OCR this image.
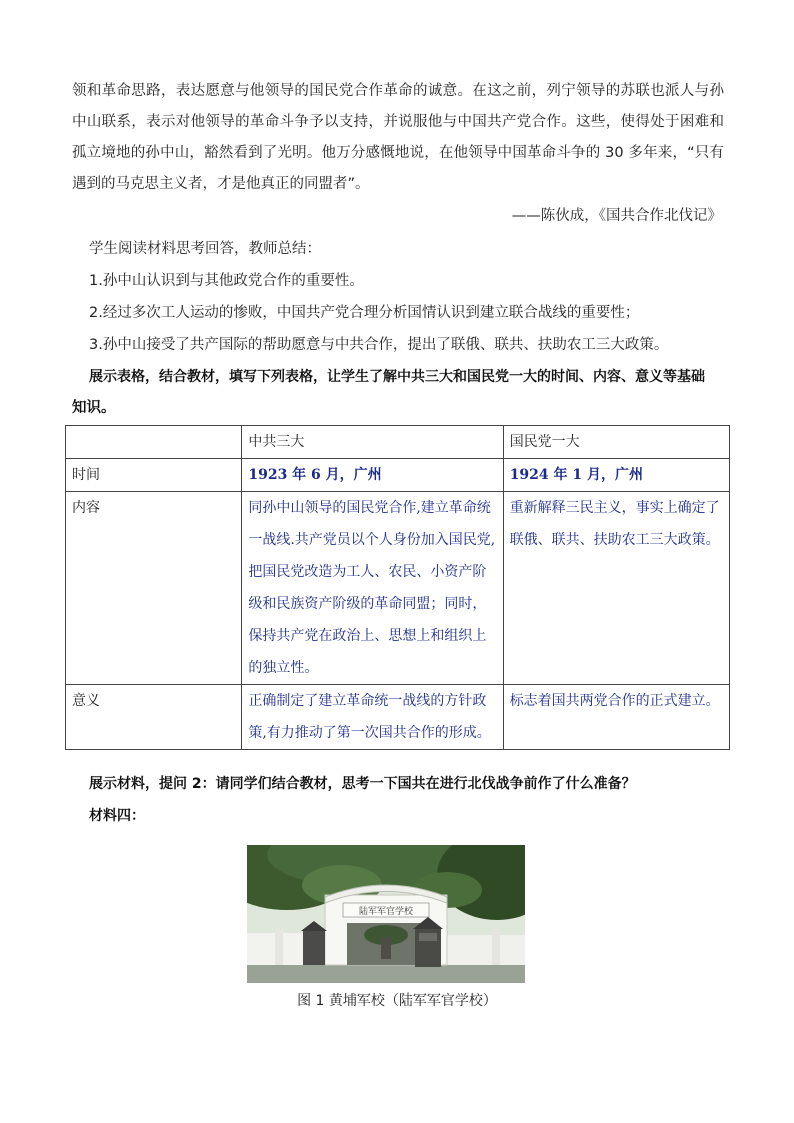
领和革命思路，表达愿意与他领导的国民党合作革命的诚意。在这之前，列宁领导的苏联也派人与孙中山联系，表示对他领导的革命斗争予以支持，并说服他与中国共产党合作。这些，使得处于困难和孤立境地的孙中山，豁然看到了光明。他万分感慨地说，在他领导中国革命斗争的 30 多年来，“只有遇到的马克思主义者，才是他真正的同盟者”。

——陈伙成，《国共合作北伐记》
学生阅读材料思考回答，教师总结：
1.孙中山认识到与其他政党合作的重要性。
2.经过多次工人运动的惨败，中国共产党合理分析国情认识到建立联合战线的重要性；
3.孙中山接受了共产国际的帮助愿意与中共合作，提出了联俄、联共、扶助农工三大政策。
展示表格，结合教材，填写下列表格，让学生了解中共三大和国民党一大的时间、内容、意义等基础
知识。
	中共三大	国民党一大
时间	1923 年 6 月，广州	1924 年 1 月，广州
内容	同孙中山领导的国民党合作,建立革命统一战线.共产党员以个人身份加入国民党,把国民党改造为工人、农民、小资产阶级和民族资产阶级的革命同盟；同时，保持共产党在政治上、思想上和组织上的独立性。	重新解释三民主义，事实上确定了联俄、联共、扶助农工三大政策。
意义	正确制定了建立革命统一战线的方针政策,有力推动了第一次国共合作的形成。	标志着国共两党合作的正式建立。
展示材料，提问 2：请同学们结合教材，思考一下国共在进行北伐战争前作了什么准备？
材料四：
陆军军官学校
图 1 黄埔军校（陆军军官学校）
